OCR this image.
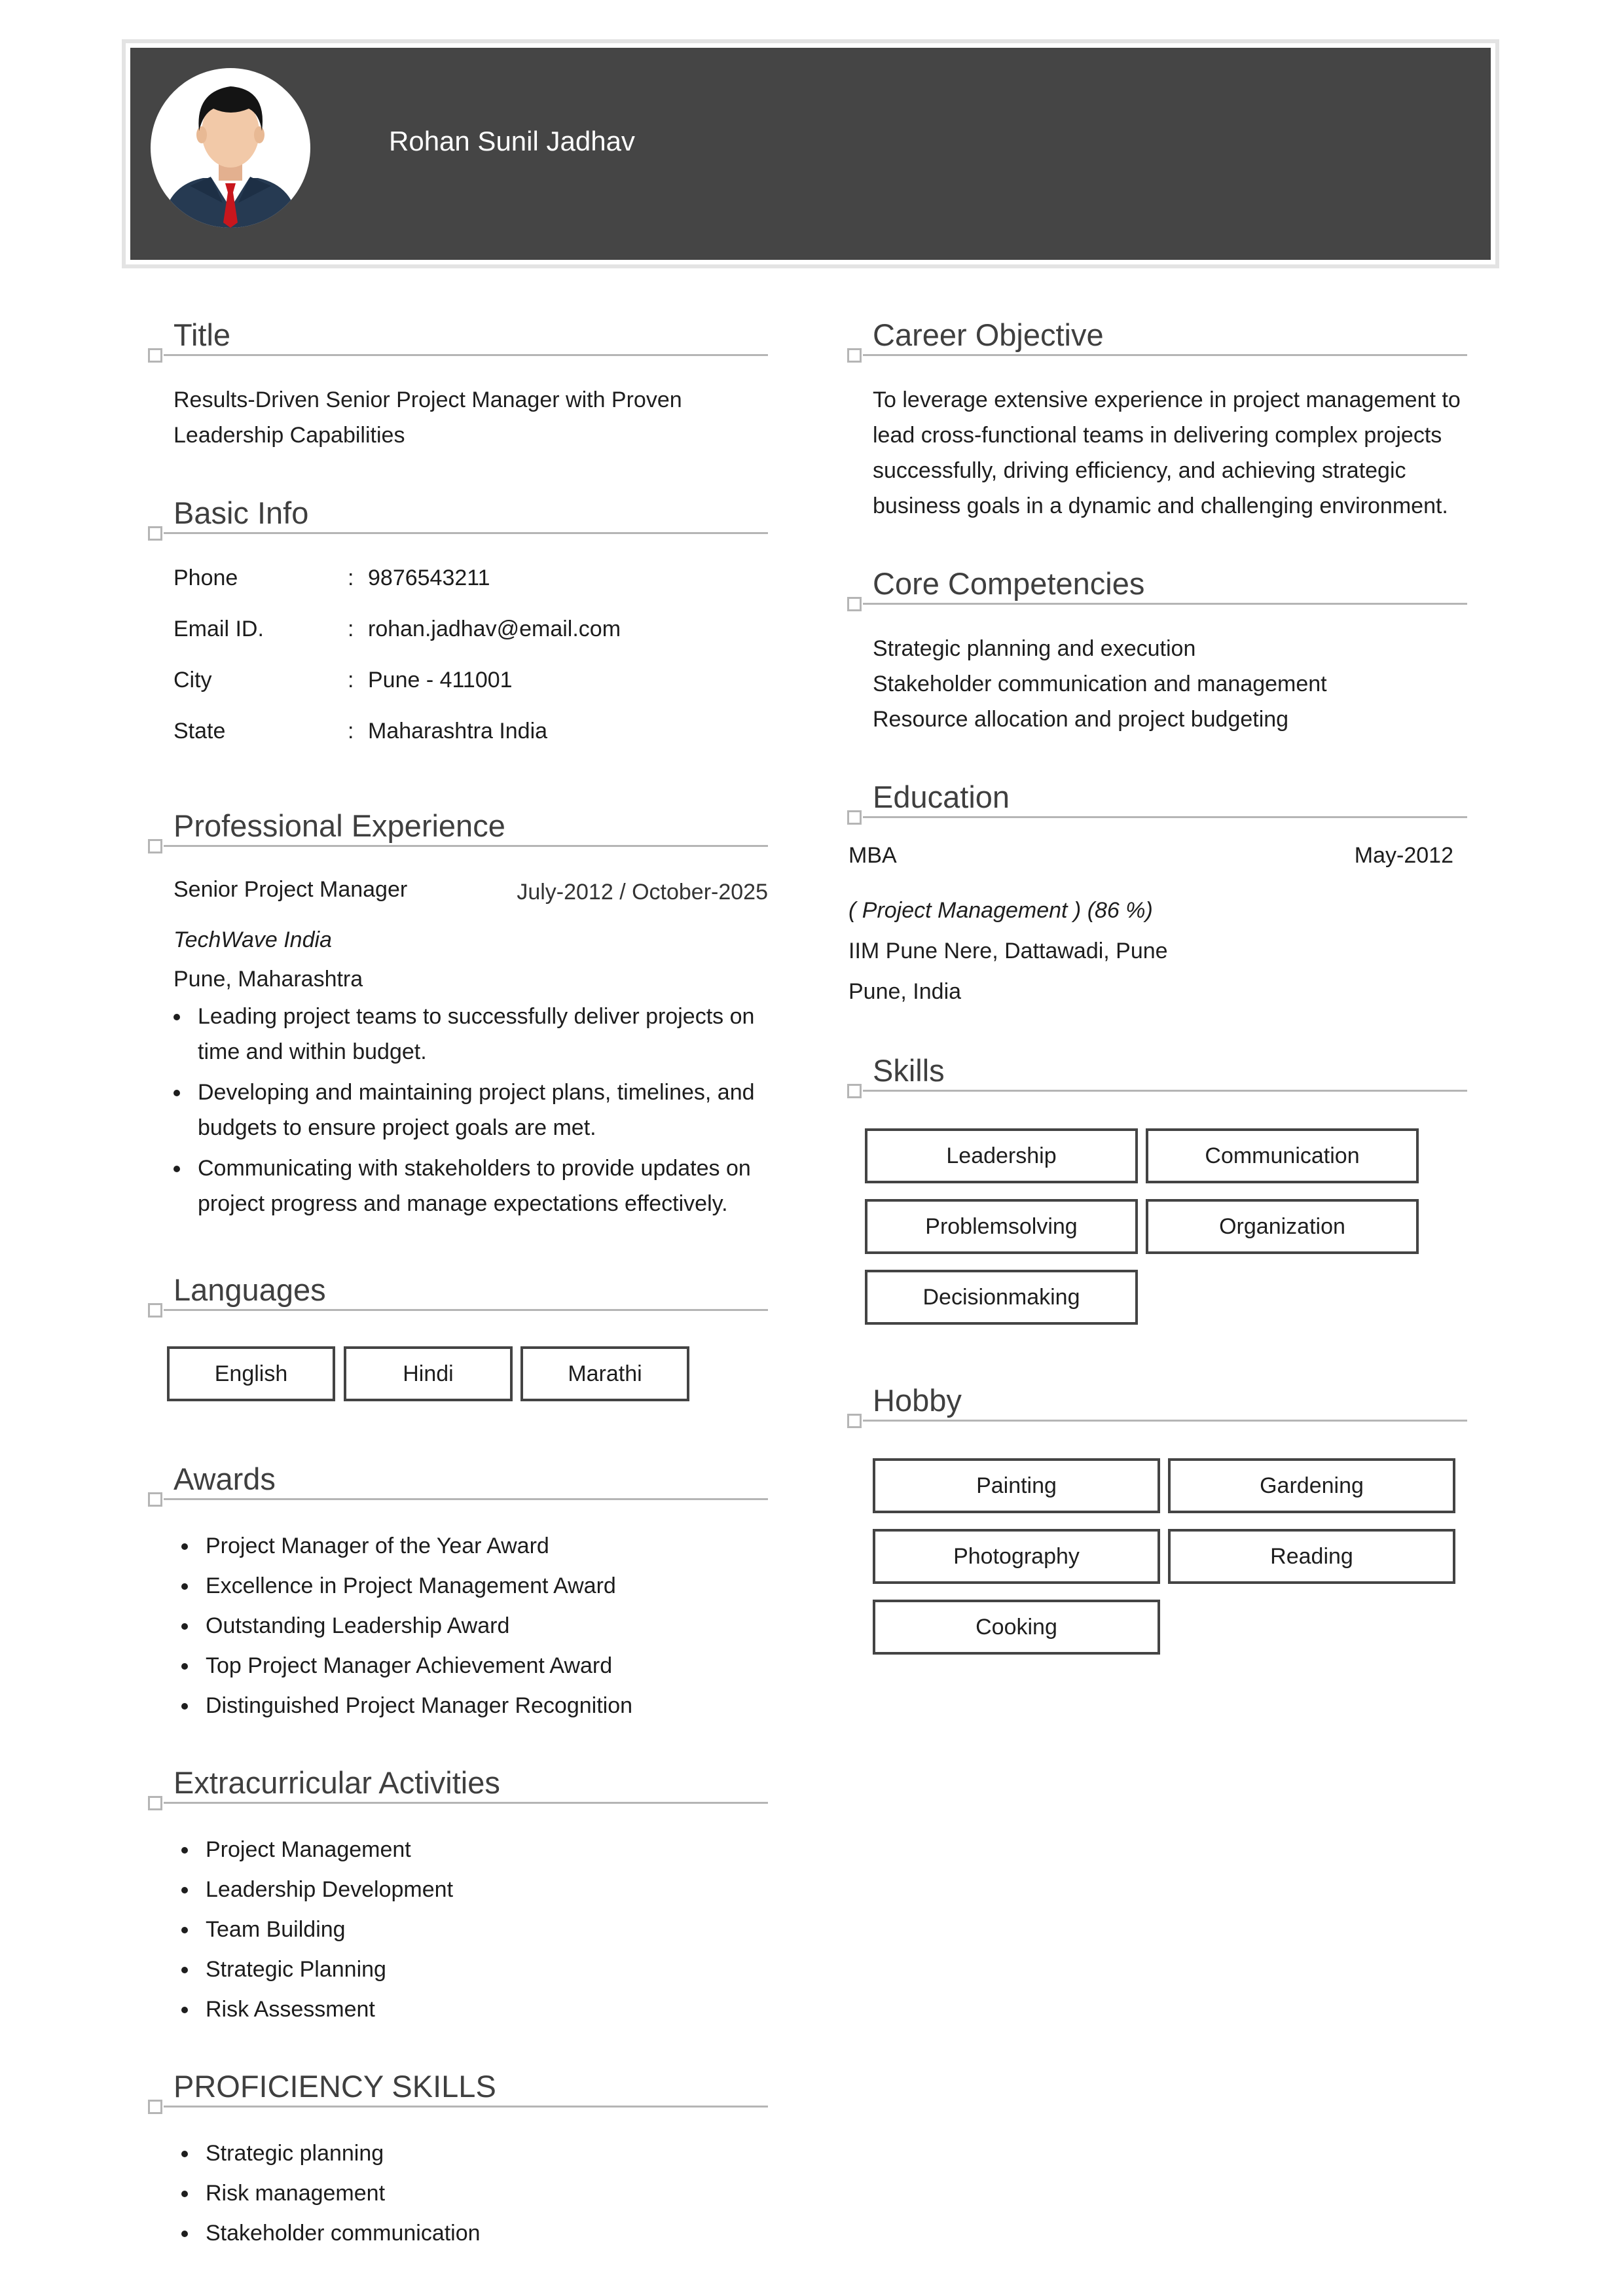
Rohan Sunil Jadhav
Title
Results-Driven Senior Project Manager with Proven
Leadership Capabilities
Basic Info
Phone	: 9876543211
Email ID.	: rohan.jadhav@email.com
City	: Pune - 411001
State	: Maharashtra India
Professional Experience
Senior Project Manager	July-2012 / October-2025
TechWave India
Pune, Maharashtra
Leading project teams to successfully deliver projects on time and within budget.
Developing and maintaining project plans, timelines, and budgets to ensure project goals are met.
Communicating with stakeholders to provide updates on project progress and manage expectations effectively.
Languages
English	Hindi	Marathi
Awards
Project Manager of the Year Award
Excellence in Project Management Award
Outstanding Leadership Award
Top Project Manager Achievement Award
Distinguished Project Manager Recognition
Extracurricular Activities
Project Management
Leadership Development
Team Building
Strategic Planning
Risk Assessment
PROFICIENCY SKILLS
Strategic planning
Risk management
Stakeholder communication
Career Objective
To leverage extensive experience in project management to
lead cross-functional teams in delivering complex projects
successfully, driving efficiency, and achieving strategic
business goals in a dynamic and challenging environment.
Core Competencies
Strategic planning and execution
Stakeholder communication and management
Resource allocation and project budgeting
Education
MBA	May-2012
( Project Management ) (86 %)
IIM Pune Nere, Dattawadi, Pune
Pune, India
Skills
Leadership	Communication
Problemsolving	Organization
Decisionmaking
Hobby
Painting	Gardening
Photography	Reading
Cooking
